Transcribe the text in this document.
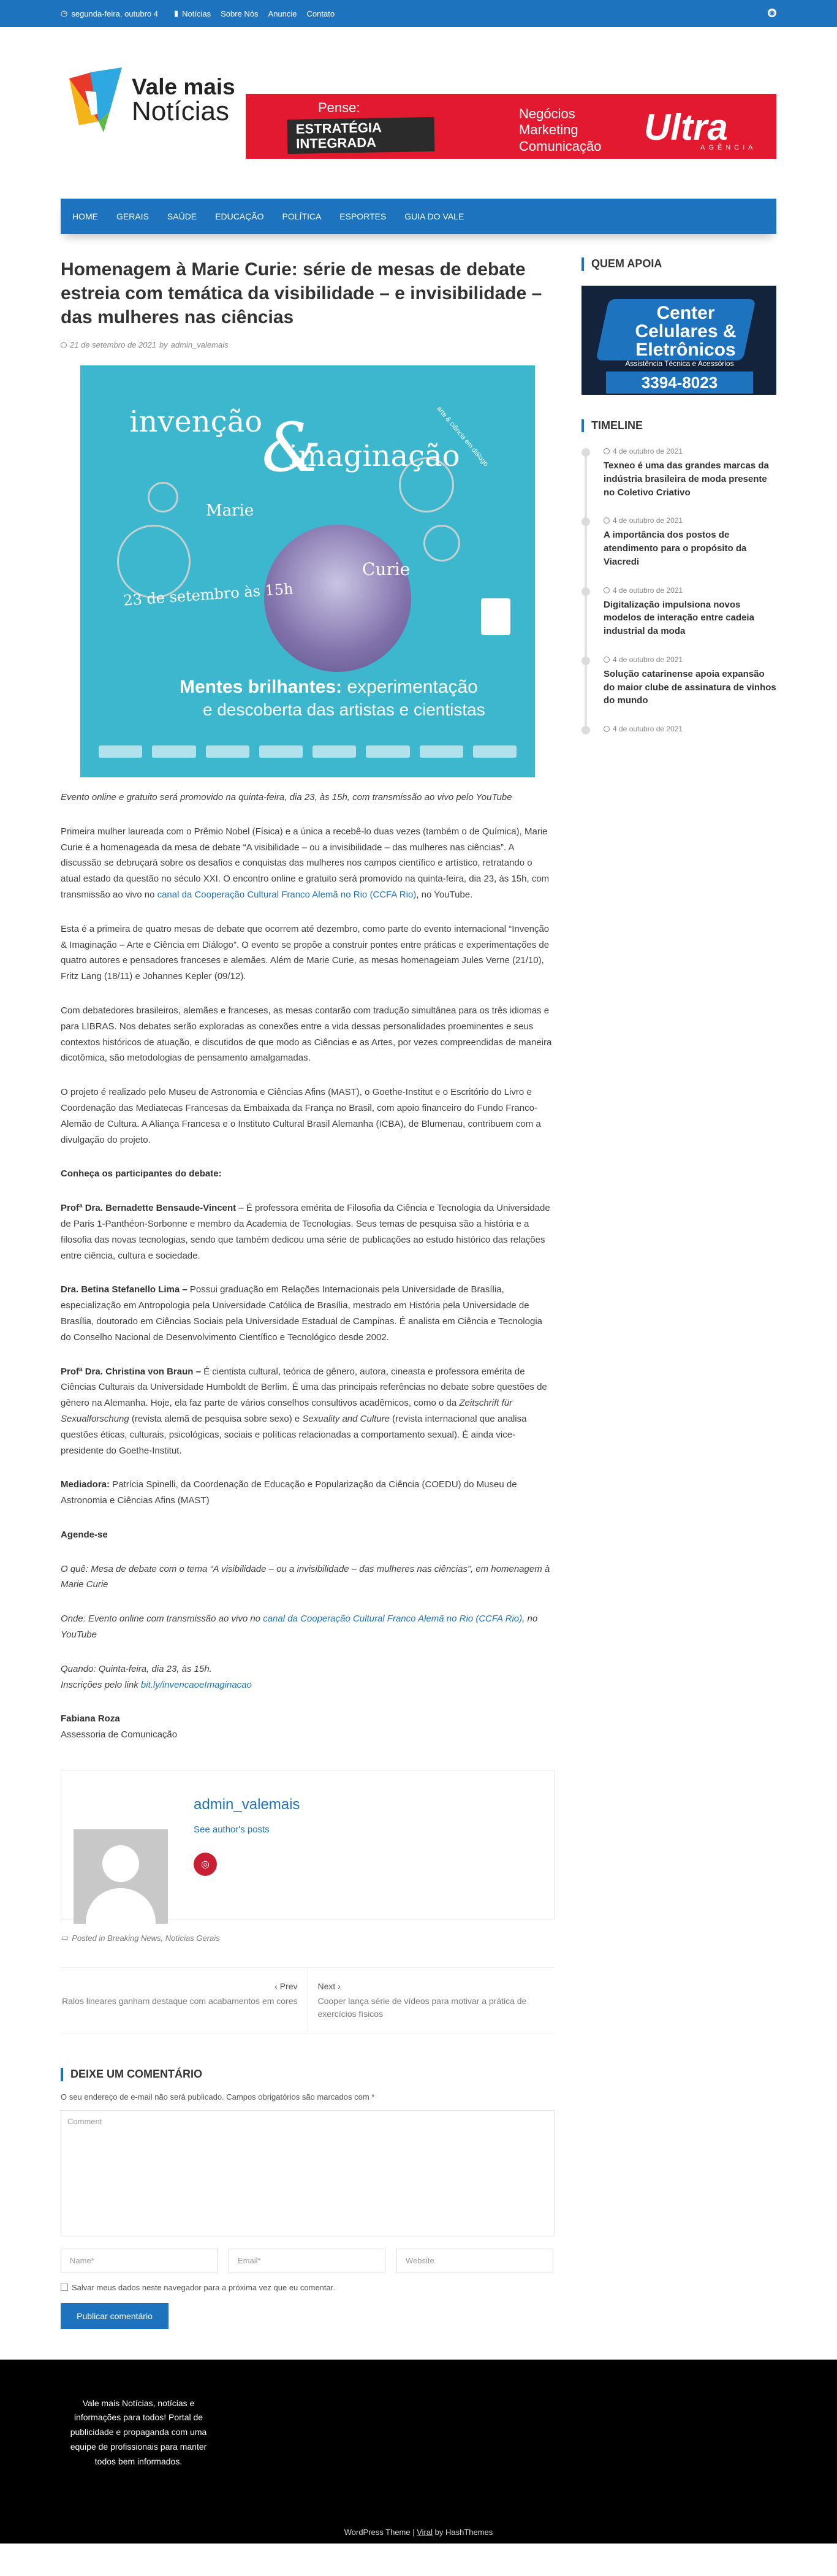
◷ segunda-feira, outubro 4 ▮ Notícias Sobre Nós Anuncie Contato	◉
Vale mais
Notícias	Pense:
ESTRATÉGIA INTEGRADA
Negócios
Marketing
Comunicação Ultra
AGÊNCIA
HOME	GERAIS	SAÚDE	EDUCAÇÃO	POLÍTICA	ESPORTES	GUIA DO VALE
Homenagem à Marie Curie: série de mesas de debate estreia com temática da visibilidade – e invisibilidade – das mulheres nas ciências
21 de setembro de 2021 by admin_valemais
invenção
&
imaginação
arte & ciência em diálogo
Marie
Curie
23 de setembro às 15h
Mentes brilhantes: experimentação
e descoberta das artistas e cientistas

Evento online e gratuito será promovido na quinta-feira, dia 23, às 15h, com transmissão ao vivo pelo YouTube

Primeira mulher laureada com o Prêmio Nobel (Física) e a única a recebê-lo duas vezes (também o de Química), Marie Curie é a homenageada da mesa de debate “A visibilidade – ou a invisibilidade – das mulheres nas ciências”. A discussão se debruçará sobre os desafios e conquistas das mulheres nos campos científico e artístico, retratando o atual estado da questão no século XXI. O encontro online e gratuito será promovido na quinta-feira, dia 23, às 15h, com transmissão ao vivo no canal da Cooperação Cultural Franco Alemã no Rio (CCFA Rio), no YouTube.

Esta é a primeira de quatro mesas de debate que ocorrem até dezembro, como parte do evento internacional “Invenção & Imaginação – Arte e Ciência em Diálogo”. O evento se propõe a construir pontes entre práticas e experimentações de quatro autores e pensadores franceses e alemães. Além de Marie Curie, as mesas homenageiam Jules Verne (21/10), Fritz Lang (18/11) e Johannes Kepler (09/12).

Com debatedores brasileiros, alemães e franceses, as mesas contarão com tradução simultânea para os três idiomas e para LIBRAS. Nos debates serão exploradas as conexões entre a vida dessas personalidades proeminentes e seus contextos históricos de atuação, e discutidos de que modo as Ciências e as Artes, por vezes compreendidas de maneira dicotômica, são metodologias de pensamento amalgamadas.

O projeto é realizado pelo Museu de Astronomia e Ciências Afins (MAST), o Goethe-Institut e o Escritório do Livro e Coordenação das Mediatecas Francesas da Embaixada da França no Brasil, com apoio financeiro do Fundo Franco-Alemão de Cultura. A Aliança Francesa e o Instituto Cultural Brasil Alemanha (ICBA), de Blumenau, contribuem com a divulgação do projeto.

Conheça os participantes do debate:

Profª Dra. Bernadette Bensaude-Vincent – É professora emérita de Filosofia da Ciência e Tecnologia da Universidade de Paris 1-Panthéon-Sorbonne e membro da Academia de Tecnologias. Seus temas de pesquisa são a história e a filosofia das novas tecnologias, sendo que também dedicou uma série de publicações ao estudo histórico das relações entre ciência, cultura e sociedade.

Dra. Betina Stefanello Lima – Possui graduação em Relações Internacionais pela Universidade de Brasília, especialização em Antropologia pela Universidade Católica de Brasília, mestrado em História pela Universidade de Brasília, doutorado em Ciências Sociais pela Universidade Estadual de Campinas. É analista em Ciência e Tecnologia do Conselho Nacional de Desenvolvimento Científico e Tecnológico desde 2002.

Profª Dra. Christina von Braun – É cientista cultural, teórica de gênero, autora, cineasta e professora emérita de Ciências Culturais da Universidade Humboldt de Berlim. É uma das principais referências no debate sobre questões de gênero na Alemanha. Hoje, ela faz parte de vários conselhos consultivos acadêmicos, como o da Zeitschrift für Sexualforschung (revista alemã de pesquisa sobre sexo) e Sexuality and Culture (revista internacional que analisa questões éticas, culturais, psicológicas, sociais e políticas relacionadas a comportamento sexual). É ainda vice-presidente do Goethe-Institut.

Mediadora: Patrícia Spinelli, da Coordenação de Educação e Popularização da Ciência (COEDU) do Museu de Astronomia e Ciências Afins (MAST)

Agende-se

O quê: Mesa de debate com o tema “A visibilidade – ou a invisibilidade – das mulheres nas ciências”, em homenagem à Marie Curie

Onde: Evento online com transmissão ao vivo no canal da Cooperação Cultural Franco Alemã no Rio (CCFA Rio), no YouTube

Quando: Quinta-feira, dia 23, às 15h.
Inscrições pelo link bit.ly/invencaoeImaginacao

Fabiana Roza
Assessoria de Comunicação

admin_valemais
See author's posts
◎
▭ Posted in Breaking News, Notícias Gerais
‹ Prev
Ralos lineares ganham destaque com acabamentos em cores
Next ›
Cooper lança série de vídeos para motivar a prática de exercícios físicos
DEIXE UM COMENTÁRIO
O seu endereço de e-mail não será publicado. Campos obrigatórios são marcados com *
Comment
Name*	Email*	Website
Salvar meus dados neste navegador para a próxima vez que eu comentar.
Publicar comentário
QUEM APOIA
Center Celulares & Eletrônicos
Assistência Técnica e Acessórios
3394-8023
TIMELINE
4 de outubro de 2021
Texneo é uma das grandes marcas da indústria brasileira de moda presente no Coletivo Criativo
4 de outubro de 2021
A importância dos postos de atendimento para o propósito da Viacredi
4 de outubro de 2021
Digitalização impulsiona novos modelos de interação entre cadeia industrial da moda
4 de outubro de 2021
Solução catarinense apoia expansão do maior clube de assinatura de vinhos do mundo
4 de outubro de 2021
Vale mais Notícias, notícias e informações para todos! Portal de publicidade e propaganda com uma equipe de profissionais para manter todos bem informados.
WordPress Theme | Viral by HashThemes
